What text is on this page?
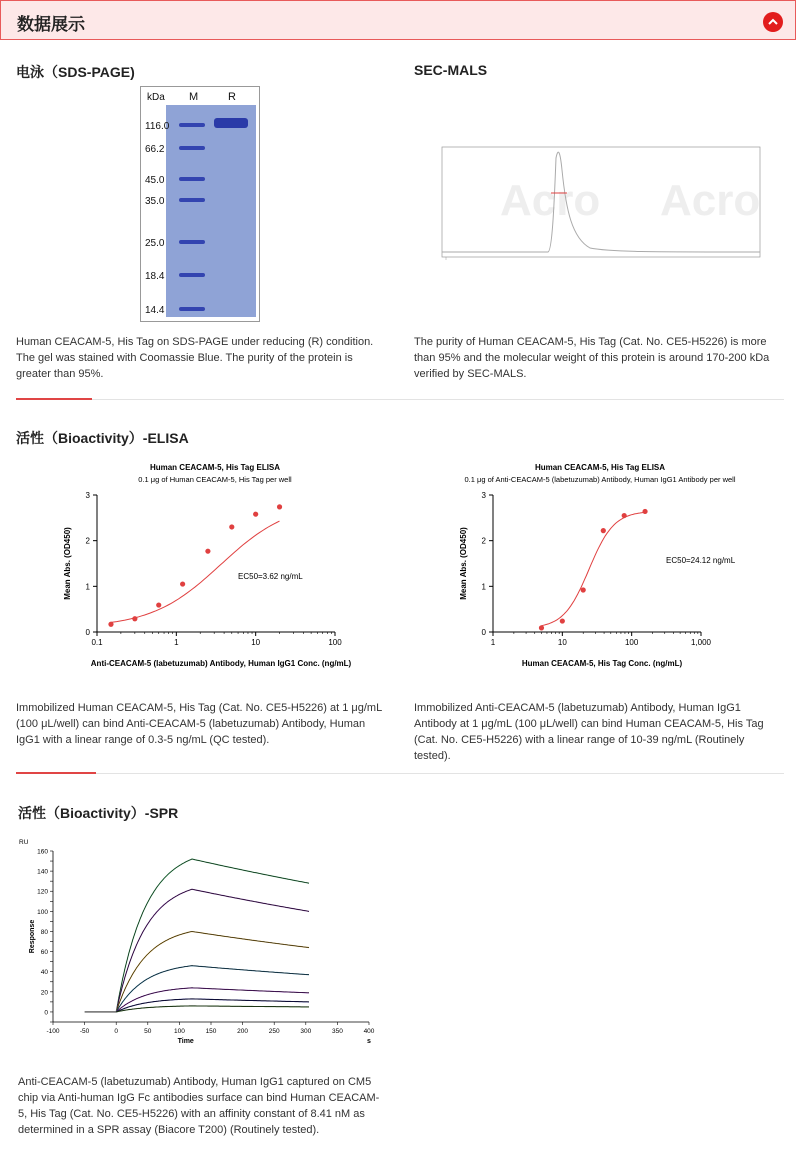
数据展示
电泳（SDS-PAGE)
kDa M	R
116.0
66.2
45.0
35.0
25.0
18.4
14.4
Human CEACAM-5, His Tag on SDS-PAGE under reducing (R) condition. The gel was stained with Coomassie Blue. The purity of the protein is greater than 95%.
SEC-MALS
Acro Acro
The purity of Human CEACAM-5, His Tag (Cat. No. CE5-H5226) is more than 95% and the molecular weight of this protein is around 170-200 kDa verified by SEC-MALS.
活性（Bioactivity）-ELISA
Human CEACAM-5, His Tag ELISA
0.1 μg of Human CEACAM-5, His Tag per well
0
1
2
3
0.1	1	10	100
Anti-CEACAM-5 (labetuzumab) Antibody, Human IgG1 Conc. (ng/mL)
Mean Abs. (OD450)	EC50=3.62 ng/mL
Human CEACAM-5, His Tag ELISA
0.1 μg of Anti-CEACAM-5 (labetuzumab) Antibody, Human IgG1 Antibody per well
0
1
2
3
1	10	100	1,000
Human CEACAM-5, His Tag Conc. (ng/mL)
Mean Abs. (OD450)	EC50=24.12 ng/mL
Immobilized Human CEACAM-5, His Tag (Cat. No. CE5-H5226) at 1 μg/mL (100 μL/well) can bind Anti-CEACAM-5 (labetuzumab) Antibody, Human IgG1 with a linear range of 0.3-5 ng/mL (QC tested).
Immobilized Anti-CEACAM-5 (labetuzumab) Antibody, Human IgG1 Antibody at 1 μg/mL (100 μL/well) can bind Human CEACAM-5, His Tag (Cat. No. CE5-H5226) with a linear range of 10-39 ng/mL (Routinely tested).
活性（Bioactivity）-SPR
RU
0
20
40
60
80
100
120
140
160
-100	-50	0	50	100	150	200	250	300	350	400
Time	s
Response
Anti-CEACAM-5 (labetuzumab) Antibody, Human IgG1 captured on CM5 chip via Anti-human IgG Fc antibodies surface can bind Human CEACAM-5, His Tag (Cat. No. CE5-H5226) with an affinity constant of 8.41 nM as determined in a SPR assay (Biacore T200) (Routinely tested).
